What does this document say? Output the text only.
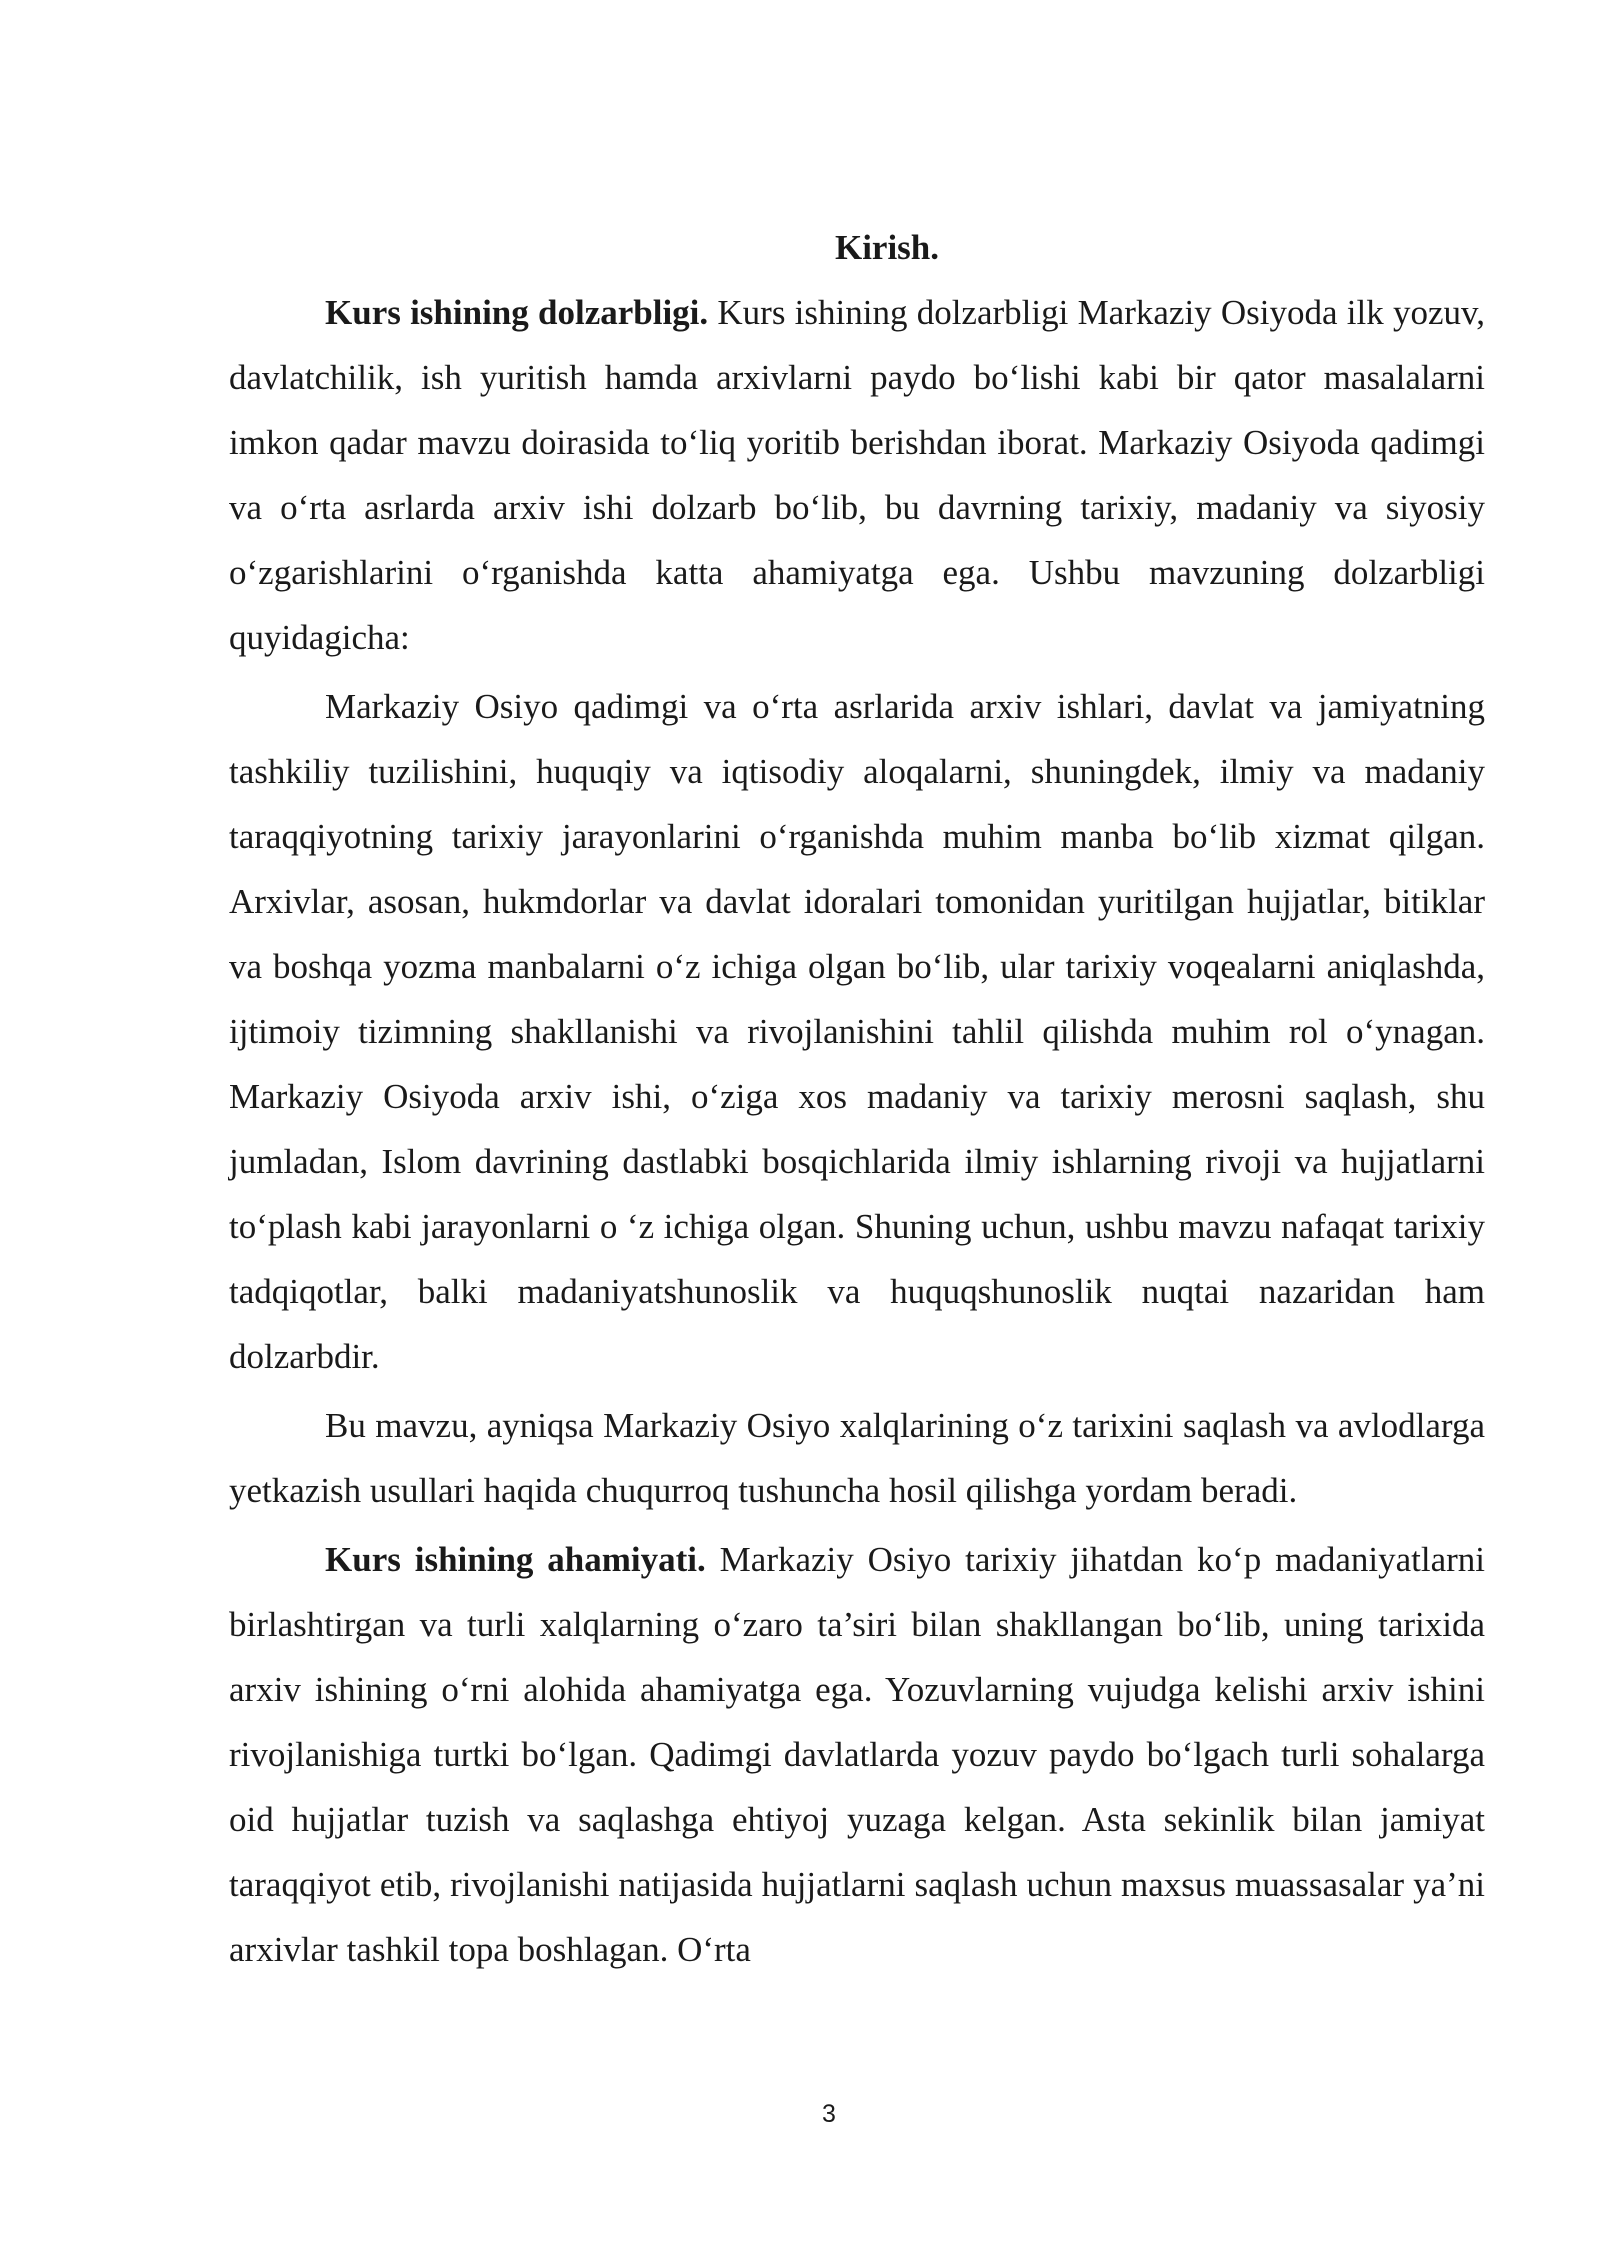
Kirish.

Kurs ishining dolzarbligi. Kurs ishining dolzarbligi Markaziy Osiyoda ilk yozuv, davlatchilik, ish yuritish hamda arxivlarni paydo bo‘lishi kabi bir qator masalalarni imkon qadar mavzu doirasida to‘liq yoritib berishdan iborat. Markaziy Osiyoda qadimgi va o‘rta asrlarda arxiv ishi dolzarb bo‘lib, bu davrning tarixiy, madaniy va siyosiy o‘zgarishlarini o‘rganishda katta ahamiyatga ega. Ushbu mavzuning dolzarbligi quyidagicha:

Markaziy Osiyo qadimgi va o‘rta asrlarida arxiv ishlari, davlat va jamiyatning tashkiliy tuzilishini, huquqiy va iqtisodiy aloqalarni, shuningdek, ilmiy va madaniy taraqqiyotning tarixiy jarayonlarini o‘rganishda muhim manba bo‘lib xizmat qilgan. Arxivlar, asosan, hukmdorlar va davlat idoralari tomonidan yuritilgan hujjatlar, bitiklar va boshqa yozma manbalarni o‘z ichiga olgan bo‘lib, ular tarixiy voqealarni aniqlashda, ijtimoiy tizimning shakllanishi va rivojlanishini tahlil qilishda muhim rol o‘ynagan. Markaziy Osiyoda arxiv ishi, o‘ziga xos madaniy va tarixiy merosni saqlash, shu jumladan, Islom davrining dastlabki bosqichlarida ilmiy ishlarning rivoji va hujjatlarni to‘plash kabi jarayonlarni o ‘z ichiga olgan. Shuning uchun, ushbu mavzu nafaqat tarixiy tadqiqotlar, balki madaniyatshunoslik va huquqshunoslik nuqtai nazaridan ham dolzarbdir.

Bu mavzu, ayniqsa Markaziy Osiyo xalqlarining o‘z tarixini saqlash va avlodlarga yetkazish usullari haqida chuqurroq tushuncha hosil qilishga yordam beradi.

Kurs ishining ahamiyati. Markaziy Osiyo tarixiy jihatdan ko‘p madaniyatlarni birlashtirgan va turli xalqlarning o‘zaro ta’siri bilan shakllangan bo‘lib, uning tarixida arxiv ishining o‘rni alohida ahamiyatga ega. Yozuvlarning vujudga kelishi arxiv ishini rivojlanishiga turtki bo‘lgan. Qadimgi davlatlarda yozuv paydo bo‘lgach turli sohalarga oid hujjatlar tuzish va saqlashga ehtiyoj yuzaga kelgan. Asta sekinlik bilan jamiyat taraqqiyot etib, rivojlanishi natijasida hujjatlarni saqlash uchun maxsus muassasalar ya’ni arxivlar tashkil topa boshlagan. O‘rta

3
